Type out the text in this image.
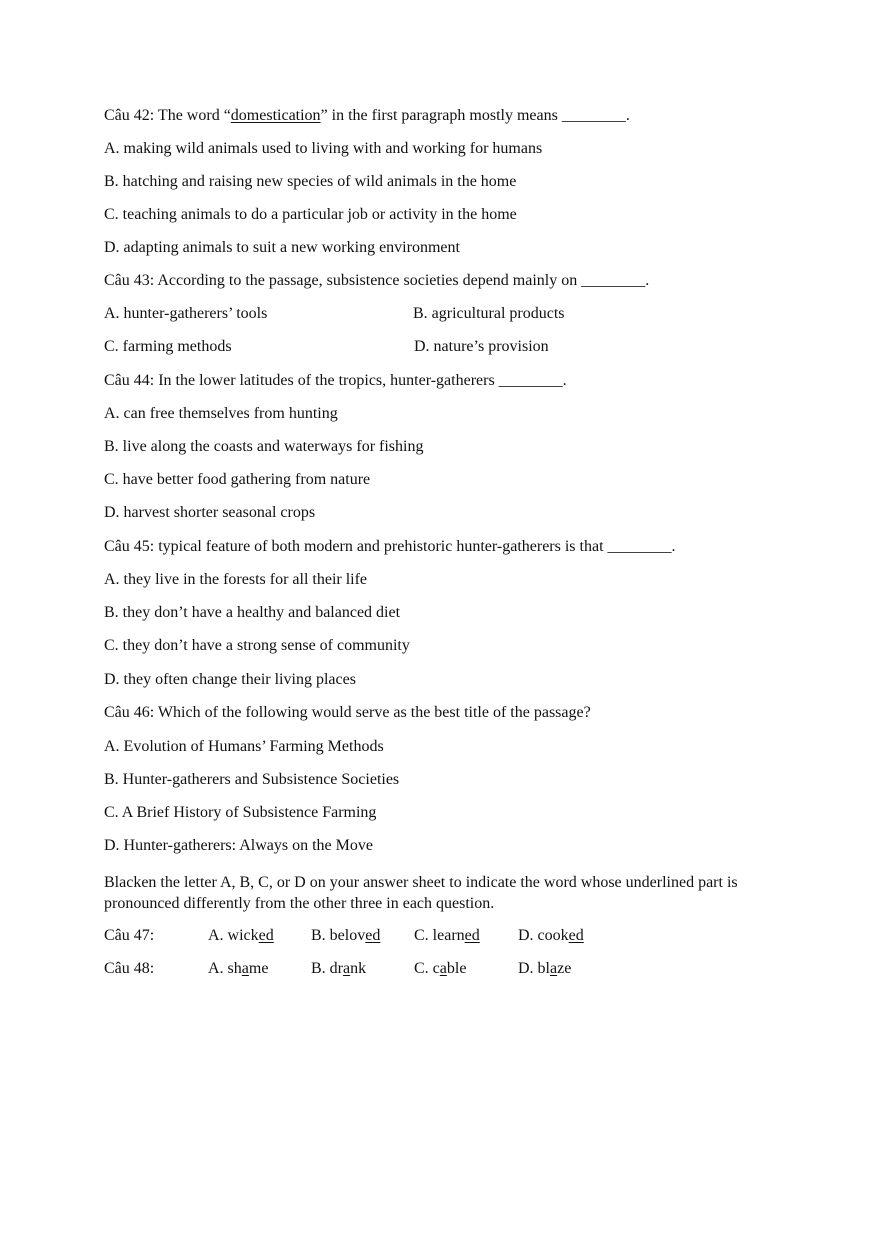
Câu 42: The word “domestication” in the first paragraph mostly means ________.
A. making wild animals used to living with and working for humans
B. hatching and raising new species of wild animals in the home
C. teaching animals to do a particular job or activity in the home
D. adapting animals to suit a new working environment
Câu 43: According to the passage, subsistence societies depend mainly on ________.
A. hunter-gatherers’ tools	B. agricultural products
C. farming methods	D. nature’s provision
Câu 44: In the lower latitudes of the tropics, hunter-gatherers ________.
A. can free themselves from hunting
B. live along the coasts and waterways for fishing
C. have better food gathering from nature
D. harvest shorter seasonal crops
Câu 45: typical feature of both modern and prehistoric hunter-gatherers is that ________.
A. they live in the forests for all their life
B. they don’t have a healthy and balanced diet
C. they don’t have a strong sense of community
D. they often change their living places
Câu 46: Which of the following would serve as the best title of the passage?
A. Evolution of Humans’ Farming Methods
B. Hunter-gatherers and Subsistence Societies
C. A Brief History of Subsistence Farming
D. Hunter-gatherers: Always on the Move
Blacken the letter A, B, C, or D on your answer sheet to indicate the word whose underlined part is pronounced differently from the other three in each question.
Câu 47:	A. wicked B. beloved C. learned D. cooked
Câu 48:	A. shame	B. drank	C. cable	D. blaze
